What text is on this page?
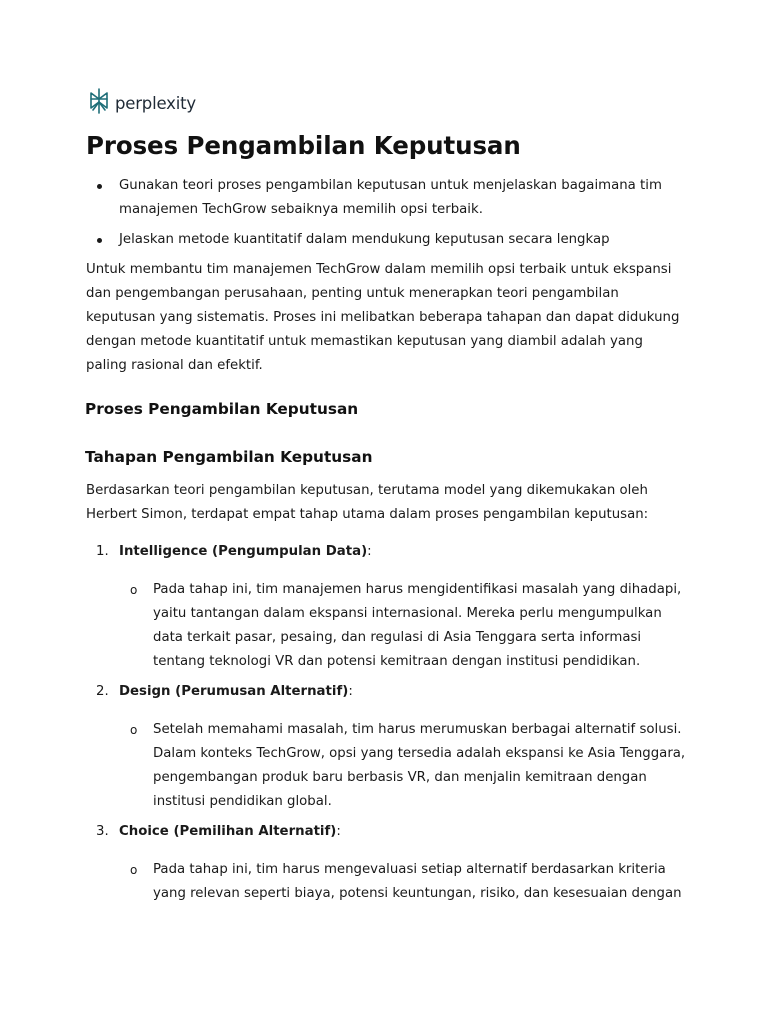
perplexity
Proses Pengambilan Keputusan
Gunakan teori proses pengambilan keputusan untuk menjelaskan bagaimana tim manajemen TechGrow sebaiknya memilih opsi terbaik.
Jelaskan metode kuantitatif dalam mendukung keputusan secara lengkap

Untuk membantu tim manajemen TechGrow dalam memilih opsi terbaik untuk ekspansi dan pengembangan perusahaan, penting untuk menerapkan teori pengambilan keputusan yang sistematis. Proses ini melibatkan beberapa tahapan dan dapat didukung dengan metode kuantitatif untuk memastikan keputusan yang diambil adalah yang paling rasional dan efektif.

Proses Pengambilan Keputusan
Tahapan Pengambilan Keputusan

Berdasarkan teori pengambilan keputusan, terutama model yang dikemukakan oleh Herbert Simon, terdapat empat tahap utama dalam proses pengambilan keputusan:

1. Intelligence (Pengumpulan Data):
o Pada tahap ini, tim manajemen harus mengidentifikasi masalah yang dihadapi, yaitu tantangan dalam ekspansi internasional. Mereka perlu mengumpulkan data terkait pasar, pesaing, dan regulasi di Asia Tenggara serta informasi tentang teknologi VR dan potensi kemitraan dengan institusi pendidikan.
2. Design (Perumusan Alternatif):
o Setelah memahami masalah, tim harus merumuskan berbagai alternatif solusi. Dalam konteks TechGrow, opsi yang tersedia adalah ekspansi ke Asia Tenggara, pengembangan produk baru berbasis VR, dan menjalin kemitraan dengan institusi pendidikan global.
3. Choice (Pemilihan Alternatif):
o Pada tahap ini, tim harus mengevaluasi setiap alternatif berdasarkan kriteria yang relevan seperti biaya, potensi keuntungan, risiko, dan kesesuaian dengan
